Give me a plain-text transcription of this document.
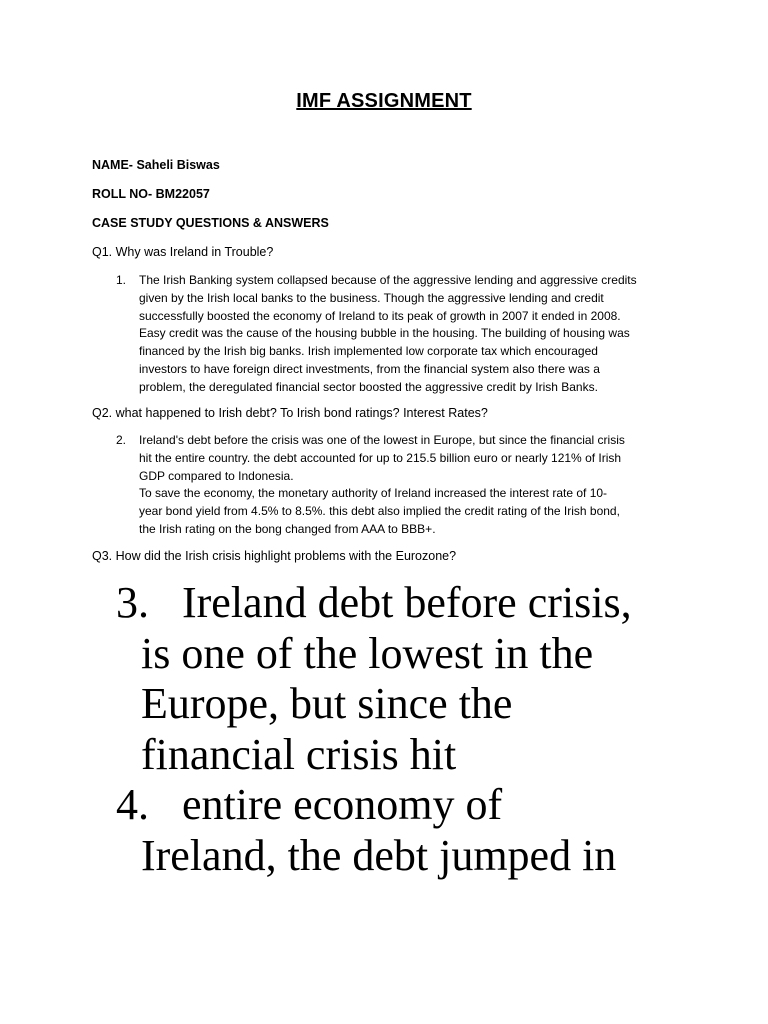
IMF ASSIGNMENT
NAME- Saheli Biswas
ROLL NO- BM22057
CASE STUDY QUESTIONS & ANSWERS
Q1. Why was Ireland in Trouble?
1.	The Irish Banking system collapsed because of the aggressive lending and aggressive credits
given by the Irish local banks to the business. Though the aggressive lending and credit
successfully boosted the economy of Ireland to its peak of growth in 2007 it ended in 2008.
Easy credit was the cause of the housing bubble in the housing. The building of housing was
financed by the Irish big banks. Irish implemented low corporate tax which encouraged
investors to have foreign direct investments, from the financial system also there was a
problem, the deregulated financial sector boosted the aggressive credit by Irish Banks.
Q2. what happened to Irish debt? To Irish bond ratings? Interest Rates?
2.	Ireland's debt before the crisis was one of the lowest in Europe, but since the financial crisis
hit the entire country. the debt accounted for up to 215.5 billion euro or nearly 121% of Irish
GDP compared to Indonesia.
To save the economy, the monetary authority of Ireland increased the interest rate of 10-
year bond yield from 4.5% to 8.5%. this debt also implied the credit rating of the Irish bond,
the Irish rating on the bong changed from AAA to BBB+.
Q3. How did the Irish crisis highlight problems with the Eurozone?
3. Ireland debt before crisis,
is one of the lowest in the
Europe, but since the
financial crisis hit
4. entire economy of
Ireland, the debt jumped in
